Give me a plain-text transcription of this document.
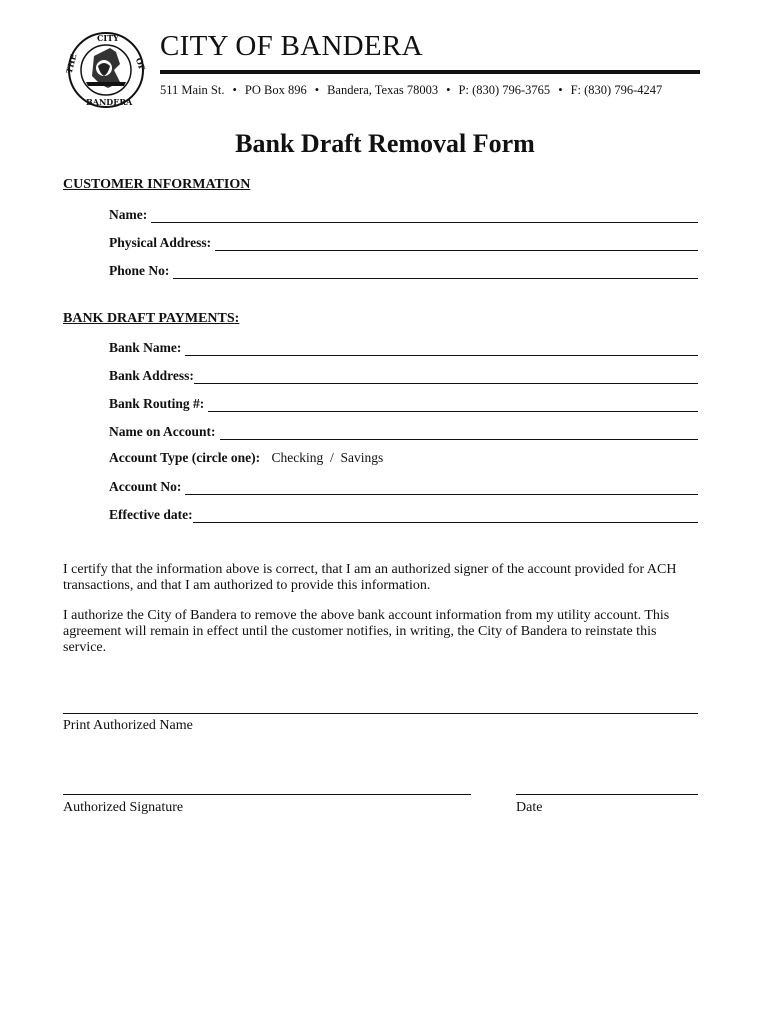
CITY
THE	OF
BANDERA
CITY OF BANDERA
511 Main St. • PO Box 896 • Bandera, Texas 78003 • P: (830) 796-3765 • F: (830) 796-4247
Bank Draft Removal Form
CUSTOMER INFORMATION
Name:
Physical Address:
Phone No:
BANK DRAFT PAYMENTS:
Bank Name:
Bank Address:
Bank Routing #:
Name on Account:
Account Type (circle one): Checking  /  Savings
Account No:
Effective date:

I certify that the information above is correct, that I am an authorized signer of the account provided for ACH transactions, and that I am authorized to provide this information.

I authorize the City of Bandera to remove the above bank account information from my utility account. This agreement will remain in effect until the customer notifies, in writing, the City of Bandera to reinstate this service.

Print Authorized Name
Authorized Signature	Date
